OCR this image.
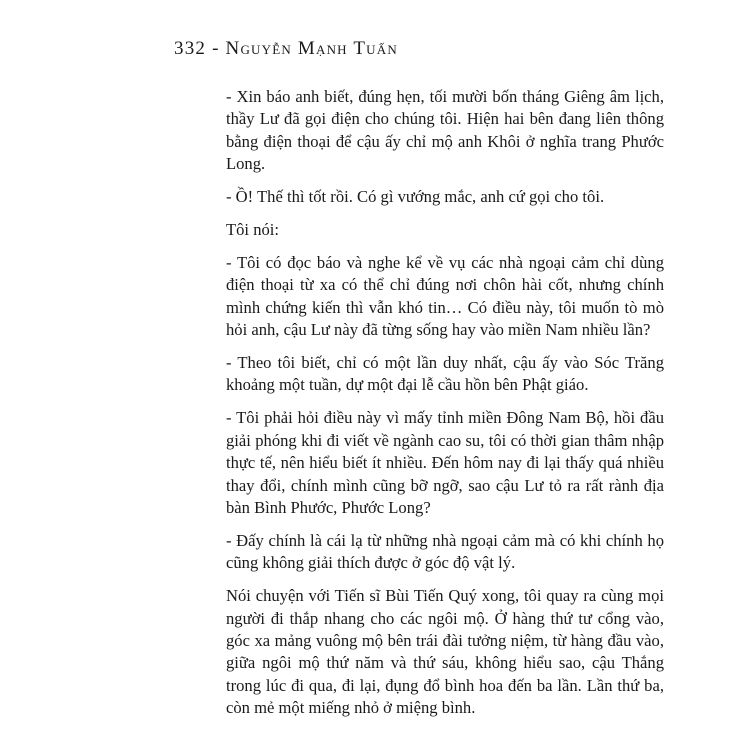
332 - Nguyễn Mạnh Tuấn

- Xin báo anh biết, đúng hẹn, tối mười bốn tháng Giêng âm lịch, thầy Lư đã gọi điện cho chúng tôi. Hiện hai bên đang liên thông bằng điện thoại để cậu ấy chỉ mộ anh Khôi ở nghĩa trang Phước Long.

- Ồ! Thế thì tốt rồi. Có gì vướng mắc, anh cứ gọi cho tôi.

Tôi nói:

- Tôi có đọc báo và nghe kể về vụ các nhà ngoại cảm chỉ dùng điện thoại từ xa có thể chỉ đúng nơi chôn hài cốt, nhưng chính mình chứng kiến thì vẫn khó tin… Có điều này, tôi muốn tò mò hỏi anh, cậu Lư này đã từng sống hay vào miền Nam nhiều lần?

- Theo tôi biết, chỉ có một lần duy nhất, cậu ấy vào Sóc Trăng khoảng một tuần, dự một đại lễ cầu hồn bên Phật giáo.

- Tôi phải hỏi điều này vì mấy tỉnh miền Đông Nam Bộ, hồi đầu giải phóng khi đi viết về ngành cao su, tôi có thời gian thâm nhập thực tế, nên hiểu biết ít nhiều. Đến hôm nay đi lại thấy quá nhiều thay đổi, chính mình cũng bỡ ngỡ, sao cậu Lư tỏ ra rất rành địa bàn Bình Phước, Phước Long?

- Đấy chính là cái lạ từ những nhà ngoại cảm mà có khi chính họ cũng không giải thích được ở góc độ vật lý.

Nói chuyện với Tiến sĩ Bùi Tiến Quý xong, tôi quay ra cùng mọi người đi thắp nhang cho các ngôi mộ. Ở hàng thứ tư cổng vào, góc xa mảng vuông mộ bên trái đài tưởng niệm, từ hàng đầu vào, giữa ngôi mộ thứ năm và thứ sáu, không hiểu sao, cậu Thắng trong lúc đi qua, đi lại, đụng đổ bình hoa đến ba lần. Lần thứ ba, còn mẻ một miếng nhỏ ở miệng bình.
